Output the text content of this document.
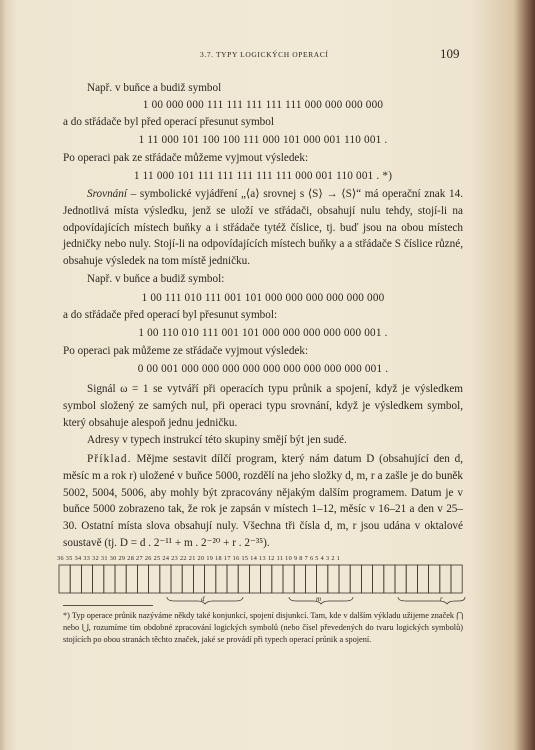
3.7. TYPY LOGICKÝCH OPERACÍ	109
Např. v buňce a budiž symbol
1 00 000 000 111 111 111 111 111 000 000 000 000
a do střádače byl před operací přesunut symbol
1 11 000 101 100 100 111 000 101 000 001 110 001 .
Po operaci pak ze střádače můžeme vyjmout výsledek:
1 11 000 101 111 111 111 111 111 000 001 110 001 . *)
Srovnání – symbolické vyjádření „⟨a⟩ srovnej s ⟨S⟩ → ⟨S⟩“ má operační znak 14. Jednotlivá místa výsledku, jenž se uloží ve střádači, obsahují nulu tehdy, stojí-li na odpovídajících místech buňky a i střádače tytéž číslice, tj. buď jsou na obou místech jedničky nebo nuly. Stojí-li na odpovídajících místech buňky a a střádače S číslice různé, obsahuje výsledek na tom místě jedničku.
Např. v buňce a budiž symbol:
1 00 111 010 111 001 101 000 000 000 000 000 000
a do střádače před operací byl přesunut symbol:
1 00 110 010 111 001 101 000 000 000 000 000 001 .
Po operaci pak můžeme ze střádače vyjmout výsledek:
0 00 001 000 000 000 000 000 000 000 000 000 001 .
Signál ω = 1 se vytváří při operacích typu průnik a spojení, když je výsledkem symbol složený ze samých nul, při operaci typu srovnání, když je výsledkem symbol, který obsahuje alespoň jednu jedničku.
Adresy v typech instrukcí této skupiny smějí být jen sudé.
Příklad. Mějme sestavit dílčí program, který nám datum D (obsahující den d, měsíc m a rok r) uložené v buňce 5000, rozdělí na jeho složky d, m, r a zašle je do buněk 5002, 5004, 5006, aby mohly být zpracovány nějakým dalším programem. Datum je v buňce 5000 zobrazeno tak, že rok je zapsán v místech 1–12, měsíc v 16–21 a den v 25–30. Ostatní místa slova obsahují nuly. Všechna tři čísla d, m, r jsou udána v oktalové soustavě (tj. D = d . 2⁻¹¹ + m . 2⁻²⁰ + r . 2⁻³⁵).
36 35 34 33 32 31 30 29 28 27 26 25 24 23 22 21 20 19 18 17 16 15 14 13 12 11 10 9 8 7 6 5 4 3 2 1
d	m	r
*) Typ operace průnik nazýváme někdy také konjunkcí, spojení disjunkcí. Tam, kde v dalším výkladu užijeme značek ⋂ nebo ⋃, rozumíme tím obdobné zpracování logických symbolů (nebo čísel převedených do tvaru logických symbolů) stojících po obou stranách těchto značek, jaké se provádí při typech operací průnik a spojení.
